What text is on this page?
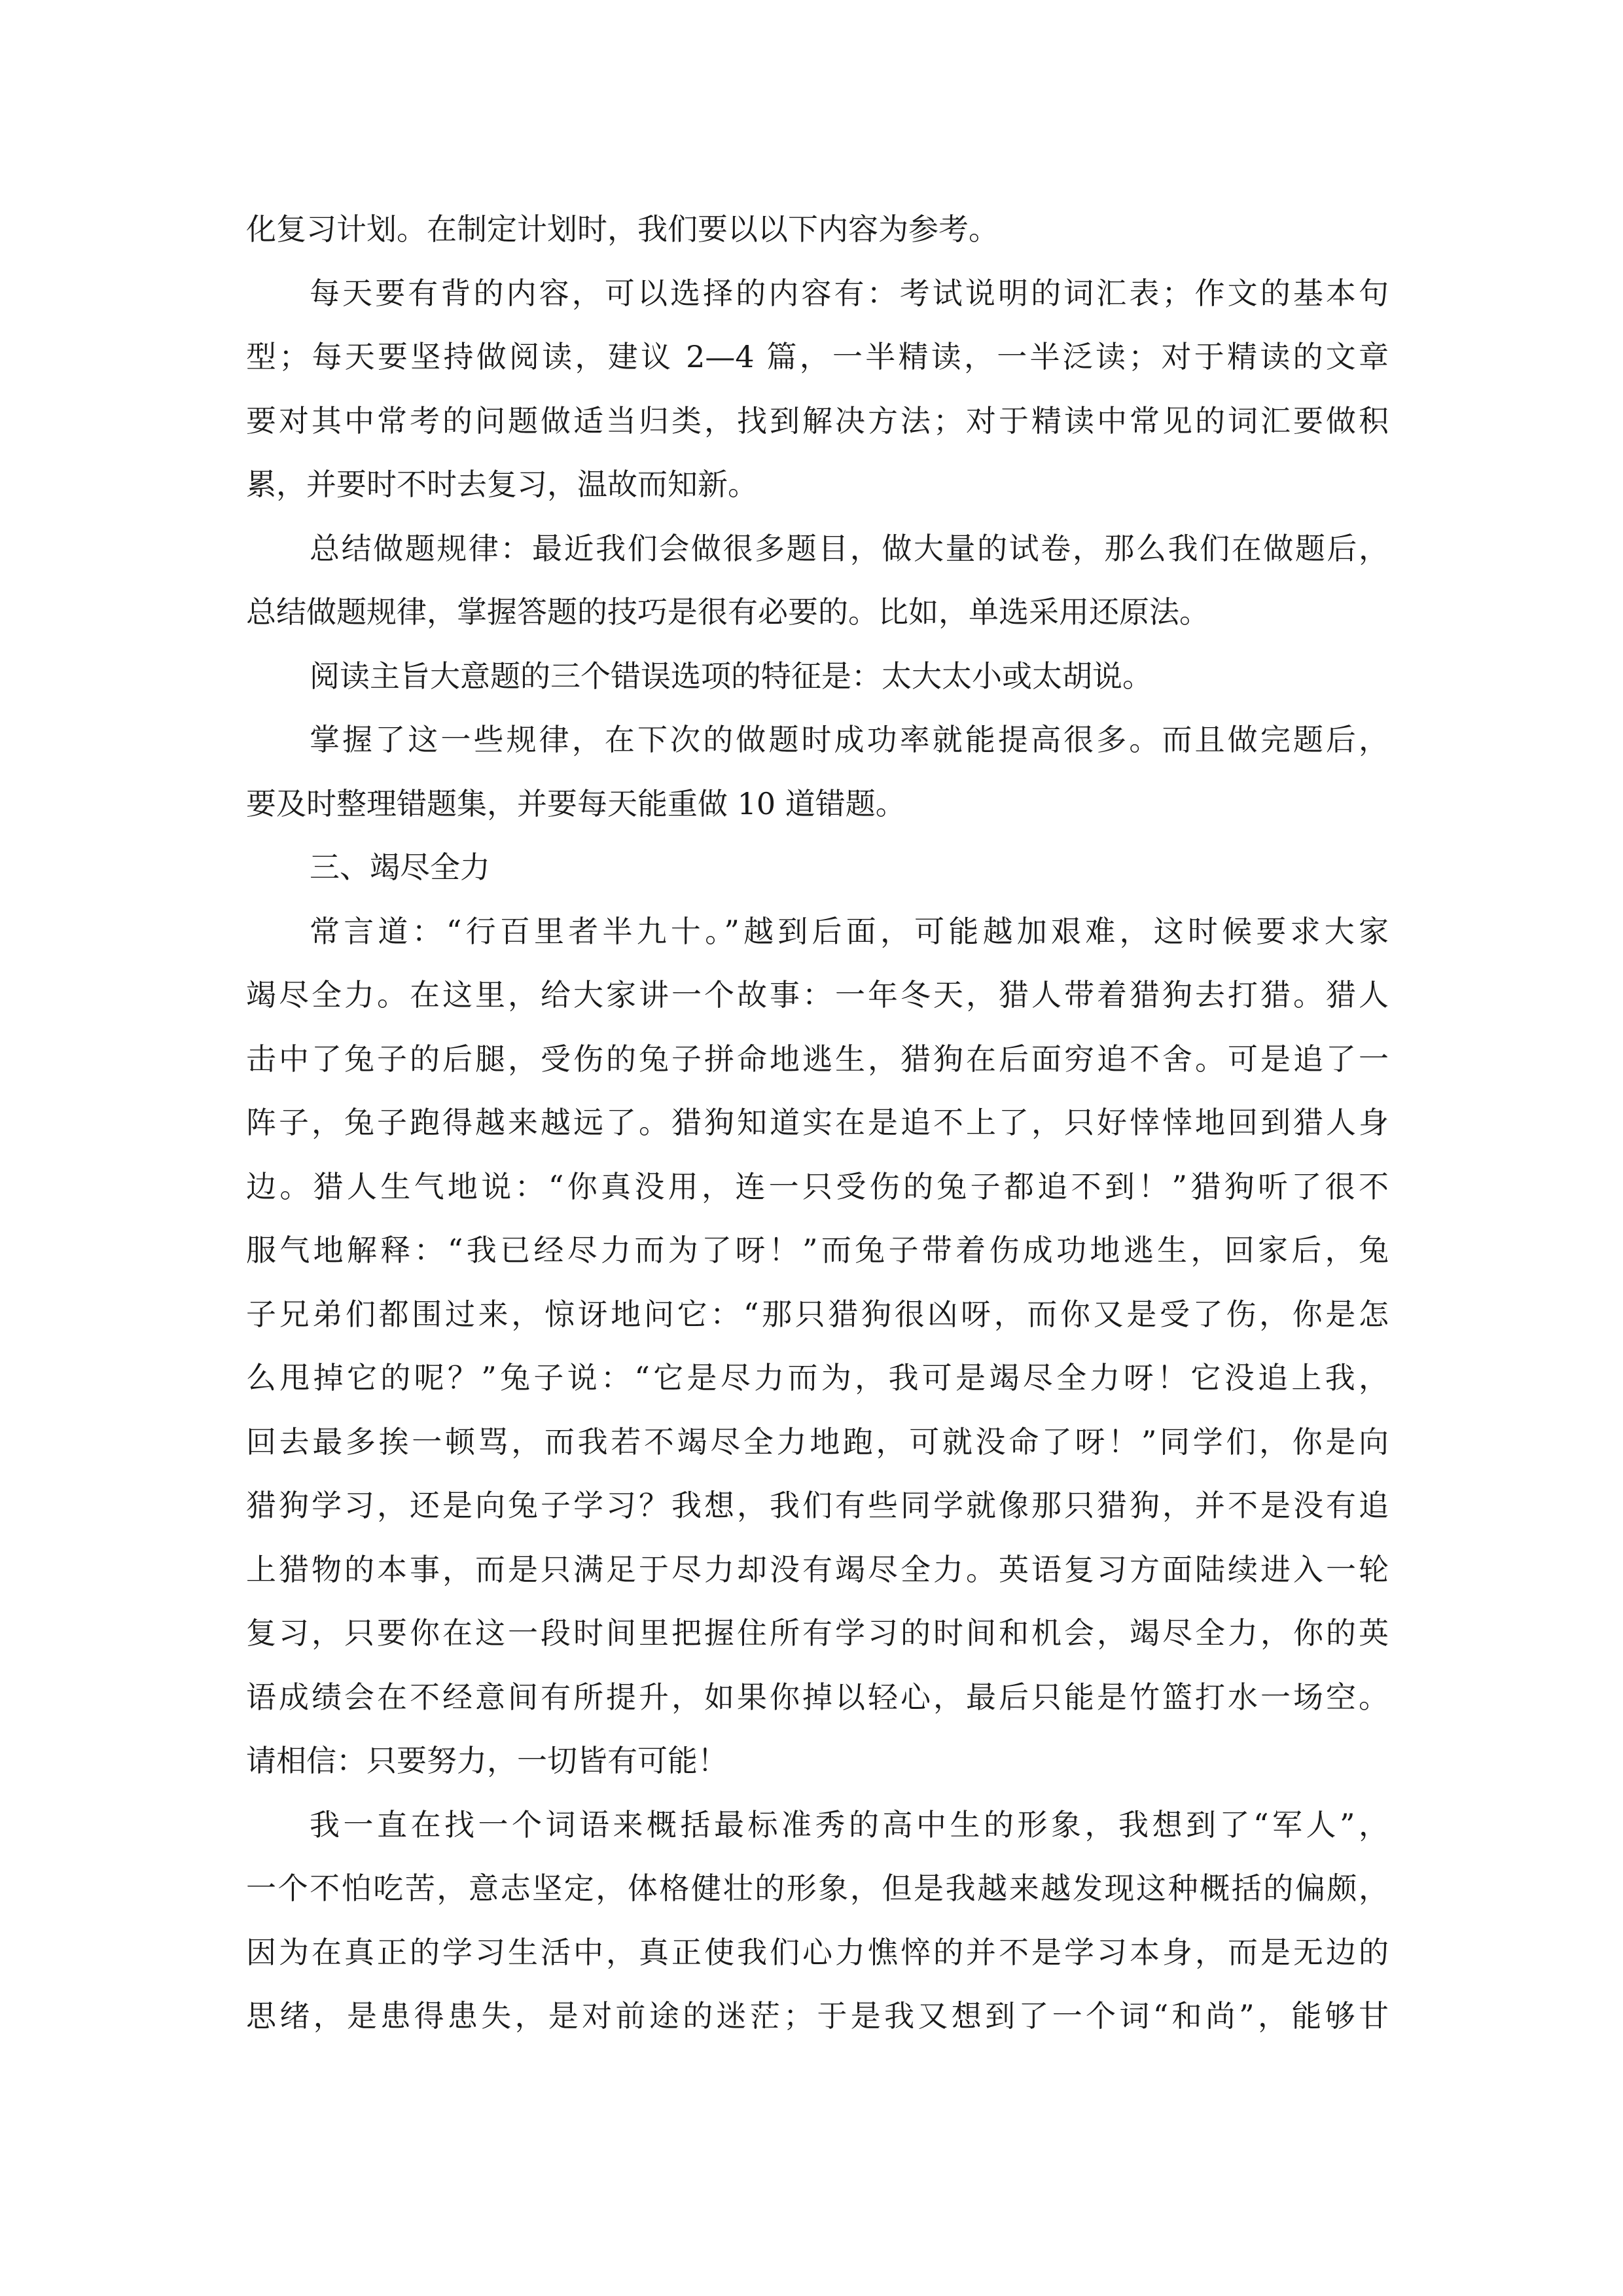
化复习计划。在制定计划时，我们要以以下内容为参考。
每天要有背的内容，可以选择的内容有：考试说明的词汇表；作文的基本句
型；每天要坚持做阅读，建议 2—4 篇，一半精读，一半泛读；对于精读的文章
要对其中常考的问题做适当归类，找到解决方法；对于精读中常见的词汇要做积
累，并要时不时去复习，温故而知新。
总结做题规律：最近我们会做很多题目，做大量的试卷，那么我们在做题后，
总结做题规律，掌握答题的技巧是很有必要的。比如，单选采用还原法。
阅读主旨大意题的三个错误选项的特征是：太大太小或太胡说。
掌握了这一些规律，在下次的做题时成功率就能提高很多。而且做完题后，
要及时整理错题集，并要每天能重做 10 道错题。
三、竭尽全力
常言道：“行百里者半九十。”越到后面，可能越加艰难，这时候要求大家
竭尽全力。在这里，给大家讲一个故事：一年冬天，猎人带着猎狗去打猎。猎人
击中了兔子的后腿，受伤的兔子拼命地逃生，猎狗在后面穷追不舍。可是追了一
阵子，兔子跑得越来越远了。猎狗知道实在是追不上了，只好悻悻地回到猎人身
边。猎人生气地说：“你真没用，连一只受伤的兔子都追不到！”猎狗听了很不
服气地解释：“我已经尽力而为了呀！”而兔子带着伤成功地逃生，回家后，兔
子兄弟们都围过来，惊讶地问它：“那只猎狗很凶呀，而你又是受了伤，你是怎
么甩掉它的呢？”兔子说：“它是尽力而为，我可是竭尽全力呀！它没追上我，
回去最多挨一顿骂，而我若不竭尽全力地跑，可就没命了呀！”同学们，你是向
猎狗学习，还是向兔子学习？我想，我们有些同学就像那只猎狗，并不是没有追
上猎物的本事，而是只满足于尽力却没有竭尽全力。英语复习方面陆续进入一轮
复习，只要你在这一段时间里把握住所有学习的时间和机会，竭尽全力，你的英
语成绩会在不经意间有所提升，如果你掉以轻心，最后只能是竹篮打水一场空。
请相信：只要努力，一切皆有可能！
我一直在找一个词语来概括最标准秀的高中生的形象，我想到了“军人”，
一个不怕吃苦，意志坚定，体格健壮的形象，但是我越来越发现这种概括的偏颇，
因为在真正的学习生活中，真正使我们心力憔悴的并不是学习本身，而是无边的
思绪，是患得患失，是对前途的迷茫；于是我又想到了一个词“和尚”，能够甘
